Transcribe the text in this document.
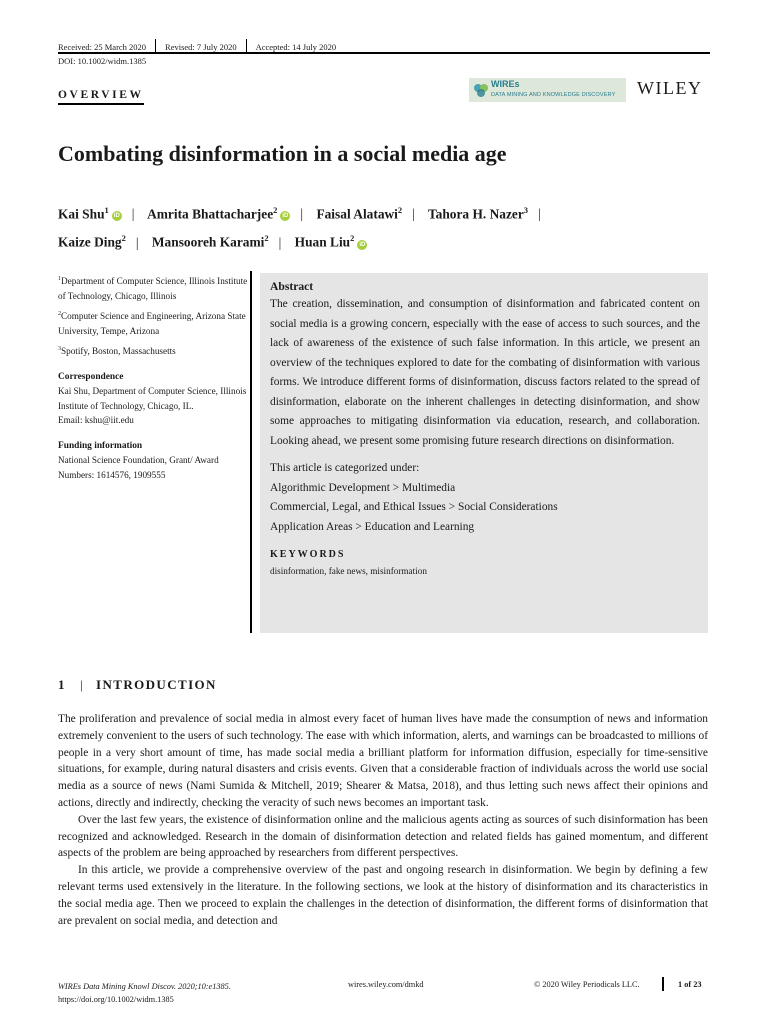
Received: 25 March 2020	Revised: 7 July 2020	Accepted: 14 July 2020
DOI: 10.1002/widm.1385
OVERVIEW
WIREs
DATA MINING AND KNOWLEDGE DISCOVERY WILEY
Combating disinformation in a social media age
Kai Shu$^1$iD | Amrita Bhattacharjee$^2$iD | Faisal Alatawi$^2$ | Tahora H. Nazer$^3$ |
Kaize Ding$^2$ | Mansooreh Karami$^2$ | Huan Liu$^2$iD

$^1$Department of Computer Science, Illinois Institute of Technology, Chicago, Illinois

$^2$Computer Science and Engineering, Arizona State University, Tempe, Arizona

$^3$Spotify, Boston, Massachusetts

Correspondence
Kai Shu, Department of Computer Science, Illinois Institute of Technology, Chicago, IL.
Email: kshu@iit.edu
Funding information
National Science Foundation, Grant/ Award Numbers: 1614576, 1909555
Abstract

The creation, dissemination, and consumption of disinformation and fabricated content on social media is a growing concern, especially with the ease of access to such sources, and the lack of awareness of the existence of such false information. In this article, we present an overview of the techniques explored to date for the combating of disinformation with various forms. We introduce different forms of disinformation, discuss factors related to the spread of disinformation, elaborate on the inherent challenges in detecting disinformation, and show some approaches to mitigating disinformation via education, research, and collaboration. Looking ahead, we present some promising future research directions on disinformation.

This article is categorized under:
Algorithmic Development > Multimedia
Commercial, Legal, and Ethical Issues > Social Considerations
Application Areas > Education and Learning
KEYWORDS
disinformation, fake news, misinformation
1 | INTRODUCTION

The proliferation and prevalence of social media in almost every facet of human lives have made the consumption of news and information extremely convenient to the users of such technology. The ease with which information, alerts, and warnings can be broadcasted to millions of people in a very short amount of time, has made social media a brilliant platform for information diffusion, especially for time-sensitive situations, for example, during natural disasters and crisis events. Given that a considerable fraction of individuals across the world use social media as a source of news (Nami Sumida & Mitchell, 2019; Shearer & Matsa, 2018), and thus letting such news affect their opinions and actions, directly and indirectly, checking the veracity of such news becomes an important task.

Over the last few years, the existence of disinformation online and the malicious agents acting as sources of such disinformation has been recognized and acknowledged. Research in the domain of disinformation detection and related fields has gained momentum, and different aspects of the problem are being approached by researchers from different perspectives.

In this article, we provide a comprehensive overview of the past and ongoing research in disinformation. We begin by defining a few relevant terms used extensively in the literature. In the following sections, we look at the history of disinformation and its characteristics in the social media age. Then we proceed to explain the challenges in the detection of disinformation, the different forms of disinformation that are prevalent on social media, and detection and

WIREs Data Mining Knowl Discov. 2020;10:e1385.
https://doi.org/10.1002/widm.1385
wires.wiley.com/dmkd	© 2020 Wiley Periodicals LLC.	1 of 23
